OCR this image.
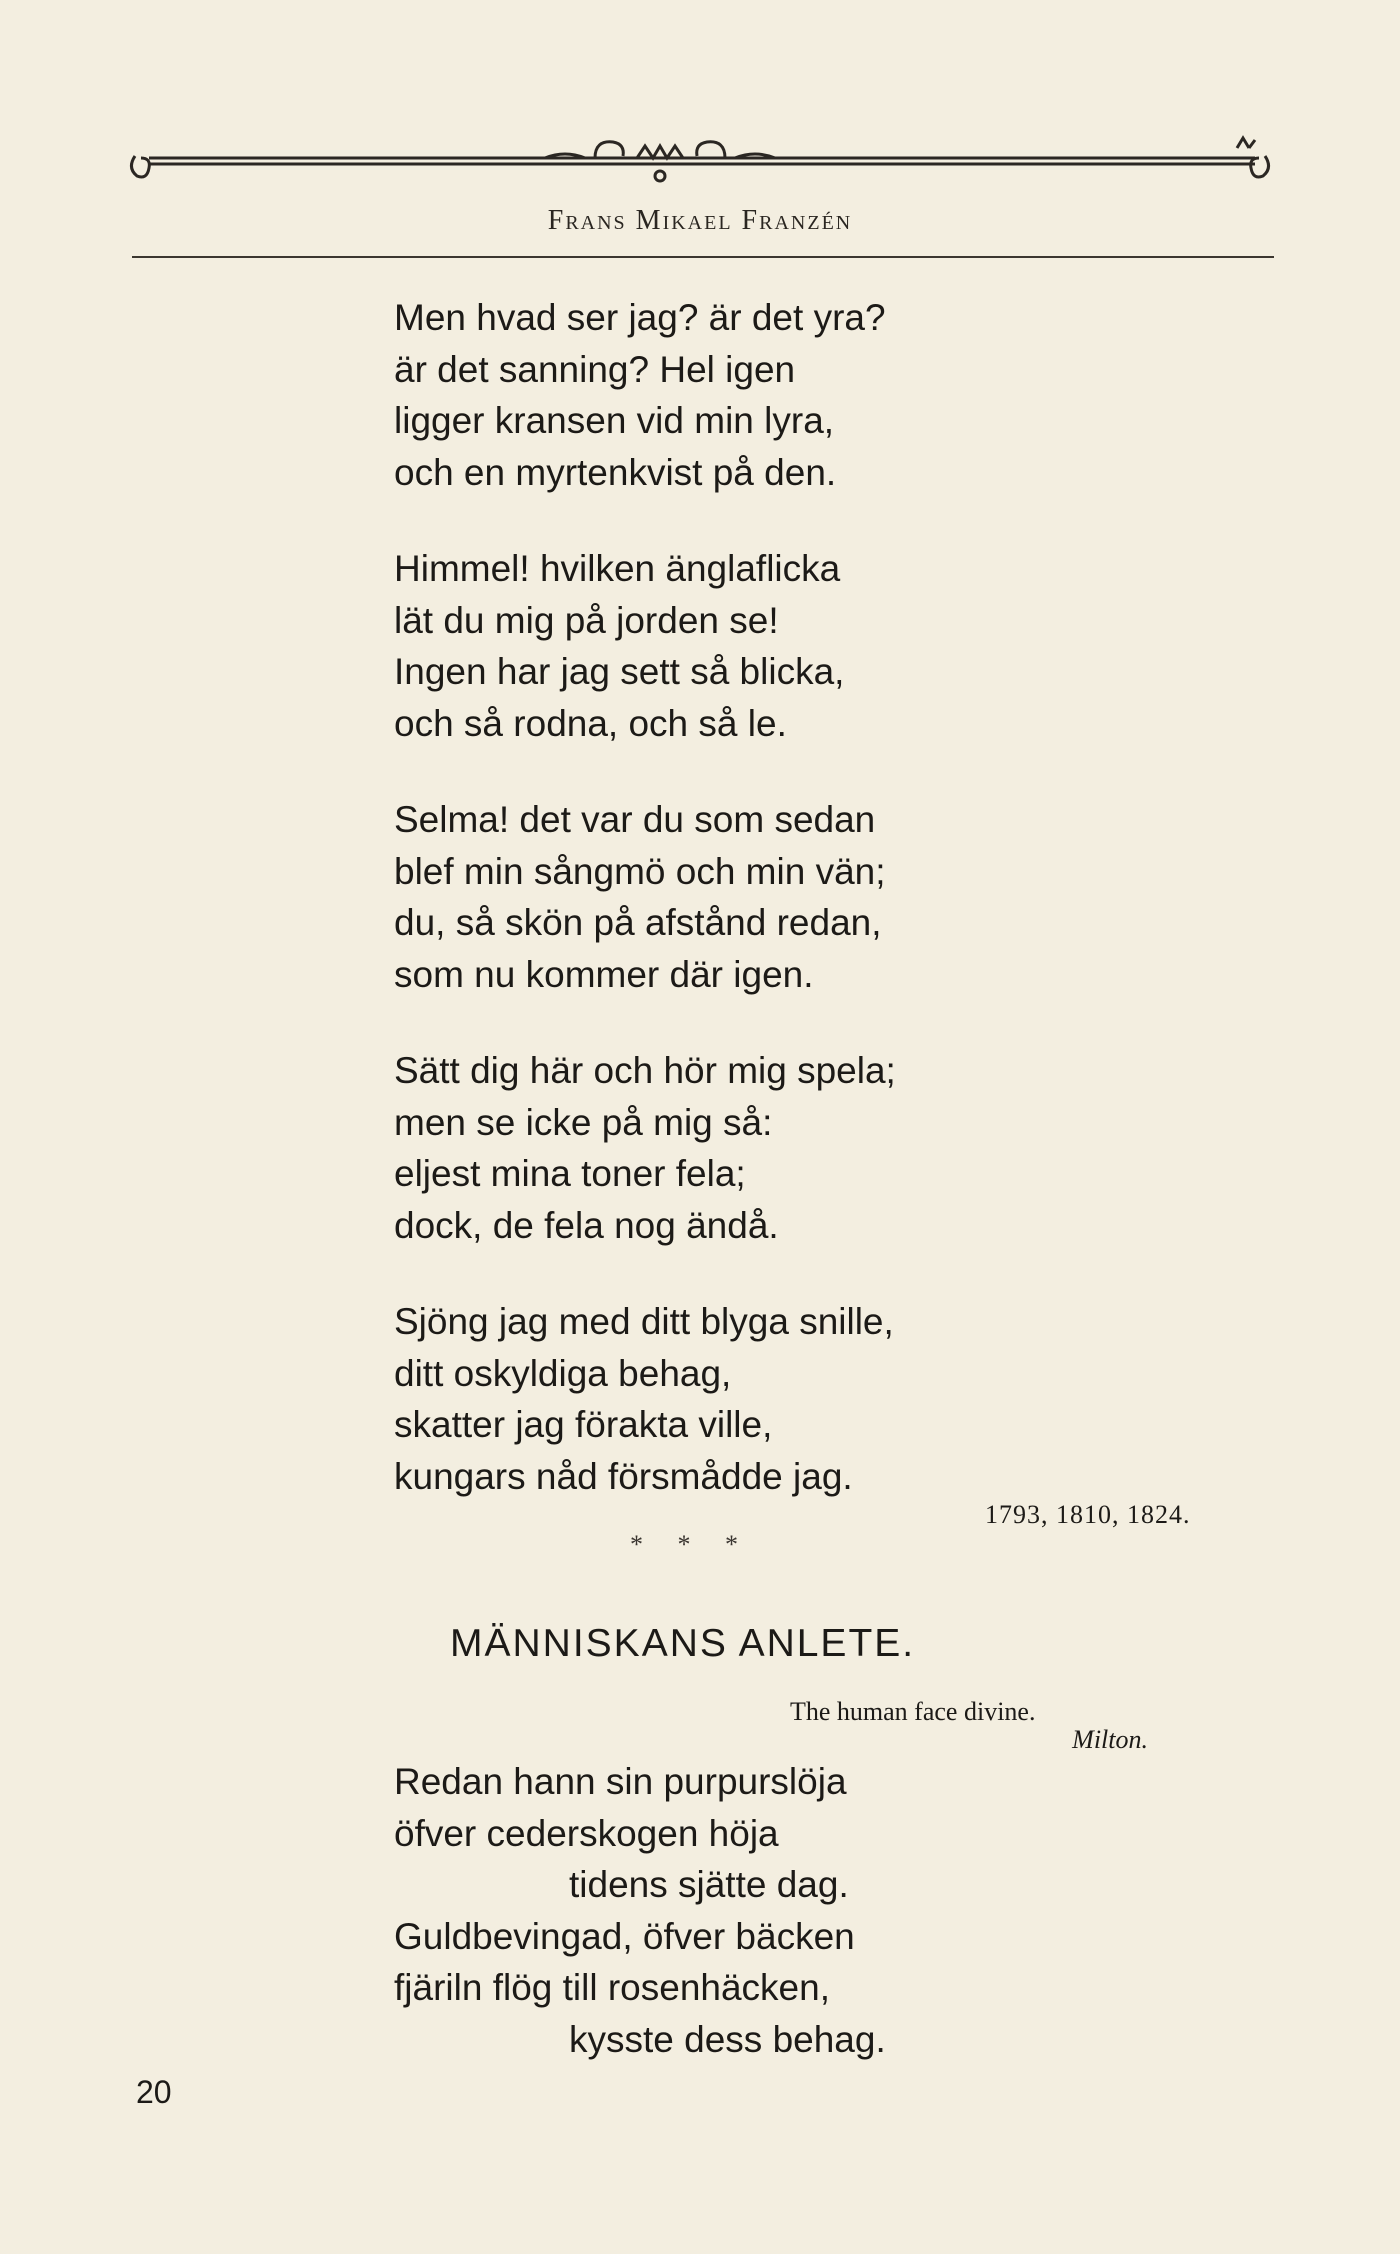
Frans Mikael Franzén
Men hvad ser jag? är det yra?
är det sanning? Hel igen
ligger kransen vid min lyra,
och en myrtenkvist på den.
Himmel! hvilken änglaflicka
lät du mig på jorden se!
Ingen har jag sett så blicka,
och så rodna, och så le.
Selma! det var du som sedan
blef min sångmö och min vän;
du, så skön på afstånd redan,
som nu kommer där igen.
Sätt dig här och hör mig spela;
men se icke på mig så:
eljest mina toner fela;
dock, de fela nog ändå.
Sjöng jag med ditt blyga snille,
ditt oskyldiga behag,
skatter jag förakta ville,
kungars nåd försmådde jag.
1793, 1810, 1824.
* * *
MÄNNISKANS ANLETE.
The human face divine.
Milton.
Redan hann sin purpurslöja
öfver cederskogen höja
tidens sjätte dag.
Guldbevingad, öfver bäcken
fjäriln flög till rosenhäcken,
kysste dess behag.
20
